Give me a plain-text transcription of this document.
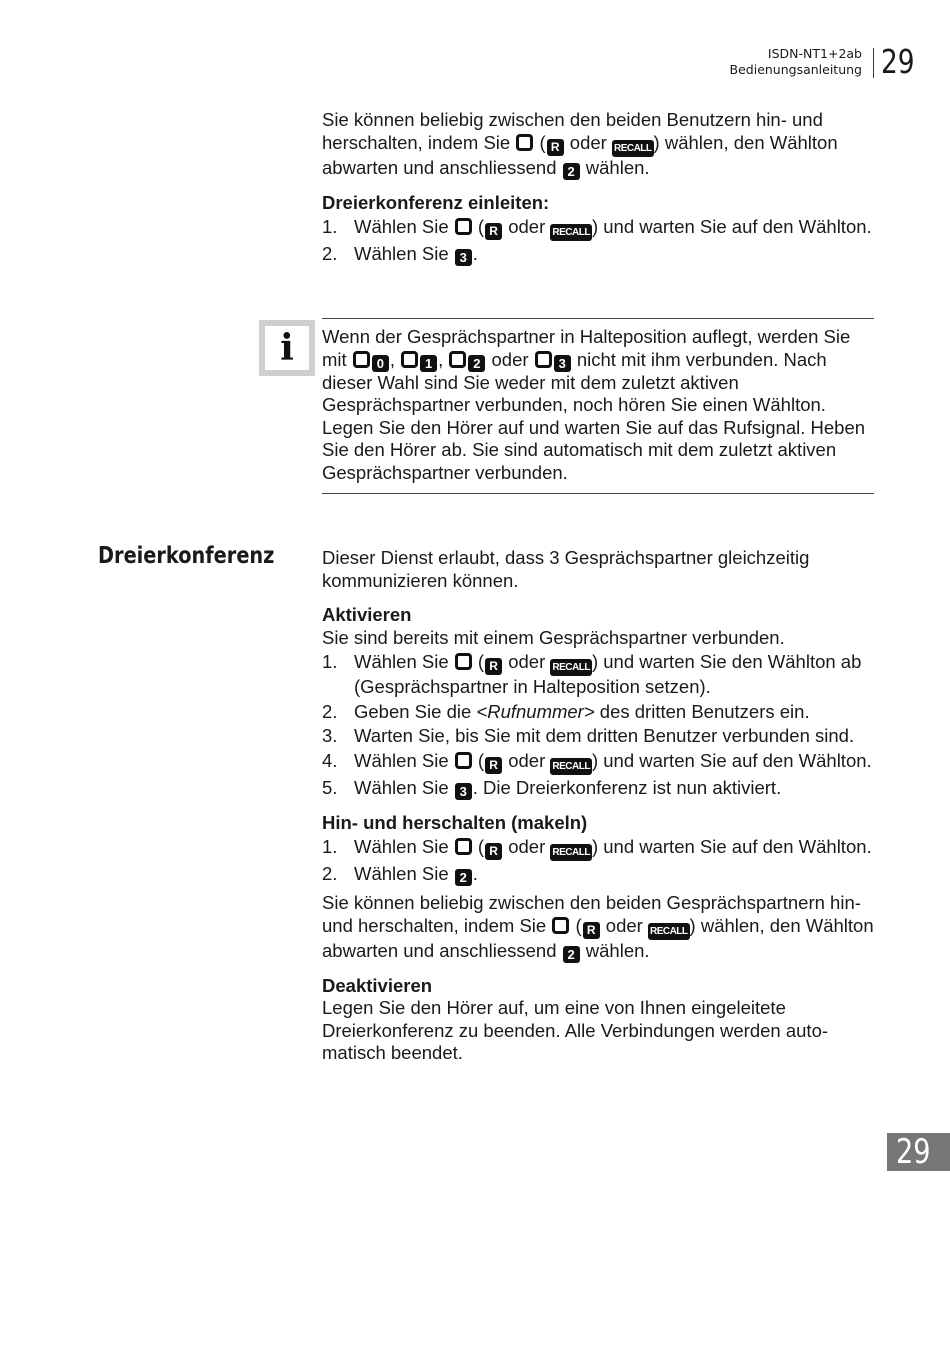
ISDN-NT1+2ab
Bedienungsanleitung 29

Sie können beliebig zwischen den beiden Benutzern hin- und herschalten, indem Sie ( R oder RECALL ) wählen, den Wählton abwarten und anschliessend 2 wählen.

Dreierkonferenz einleiten:

1. Wählen Sie ( R oder RECALL ) und warten Sie auf den Wählton.
2. Wählen Sie 3 .
i	Wenn der Gesprächspartner in Halteposition auflegt, werden Sie mit 0 , 1 , 2 oder 3 nicht mit ihm verbunden. Nach dieser Wahl sind Sie weder mit dem zuletzt aktiven Gesprächspartner verbunden, noch hören Sie einen Wählton. Legen Sie den Hörer auf und warten Sie auf das Rufsignal. Heben Sie den Hörer ab. Sie sind automatisch mit dem zuletzt aktiven Gesprächspartner verbunden.

Dreierkonferenz	Dieser Dienst erlaubt, dass 3 Gesprächspartner gleichzeitig kommunizieren können.

Aktivieren

Sie sind bereits mit einem Gesprächspartner verbunden.

1. Wählen Sie ( R oder RECALL ) und warten Sie den Wählton ab (Gesprächspartner in Halteposition setzen).
2. Geben Sie die <Rufnummer> des dritten Benutzers ein.
3. Warten Sie, bis Sie mit dem dritten Benutzer verbunden sind.
4. Wählen Sie ( R oder RECALL ) und warten Sie auf den Wählton.
5. Wählen Sie 3 . Die Dreierkonferenz ist nun aktiviert.

Hin- und herschalten (makeln)

1. Wählen Sie ( R oder RECALL ) und warten Sie auf den Wählton.
2. Wählen Sie 2 .

Sie können beliebig zwischen den beiden Gesprächspartnern hin- und herschalten, indem Sie ( R oder RECALL ) wählen, den Wählton abwarten und anschliessend 2 wählen.

Deaktivieren

Legen Sie den Hörer auf, um eine von Ihnen eingeleitete Dreierkonferenz zu beenden. Alle Verbindungen werden auto-matisch beendet.

29
